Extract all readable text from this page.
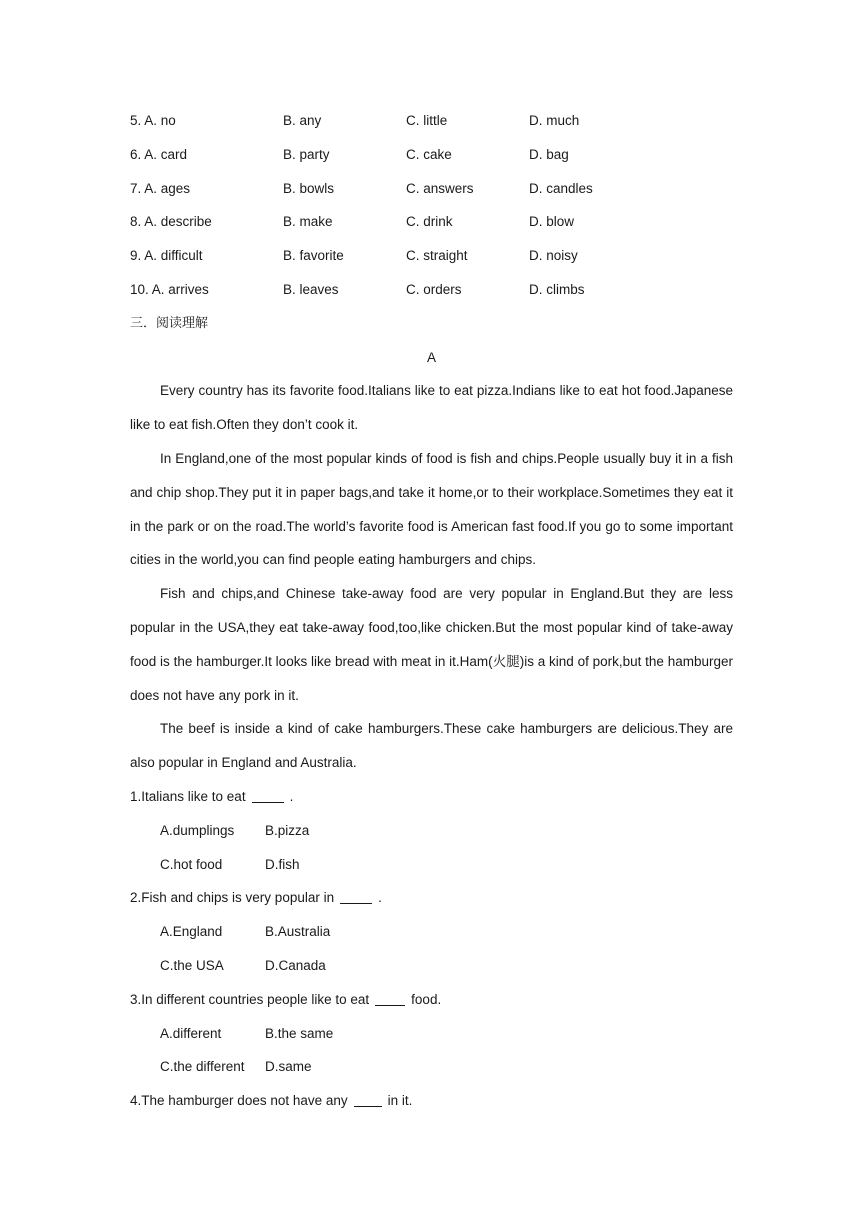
5. A. no	B. any	C. little	D. much
6. A. card	B. party	C. cake	D. bag
7. A. ages	B. bowls	C. answers	D. candles
8. A. describe	B. make	C. drink	D. blow
9. A. difficult	B. favorite	C. straight	D. noisy
10. A. arrives	B. leaves	C. orders	D. climbs
三．阅读理解
A

Every country has its favorite food.Italians like to eat pizza.Indians like to eat hot food.Japanese like to eat fish.Often they don’t cook it.

In England,one of the most popular kinds of food is fish and chips.People usually buy it in a fish and chip shop.They put it in paper bags,and take it home,or to their workplace.Sometimes they eat it in the park or on the road.The world’s favorite food is American fast food.If you go to some important cities in the world,you can find people eating hamburgers and chips.

Fish and chips,and Chinese take-away food are very popular in England.But they are less popular in the USA,they eat take-away food,too,like chicken.But the most popular kind of take-away food is the hamburger.It looks like bread with meat in it.Ham(火腿)is a kind of pork,but the hamburger does not have any pork in it.

The beef is inside a kind of cake hamburgers.These cake hamburgers are delicious.They are also popular in England and Australia.

1.Italians like to eat	.
A.dumplings B.pizza
C.hot food	D.fish
2.Fish and chips is very popular in	.
A.England	B.Australia
C.the USA	D.Canada
3.In different countries people like to eat	food.
A.different	B.the same
C.the different D.same
4.The hamburger does not have any	in it.
